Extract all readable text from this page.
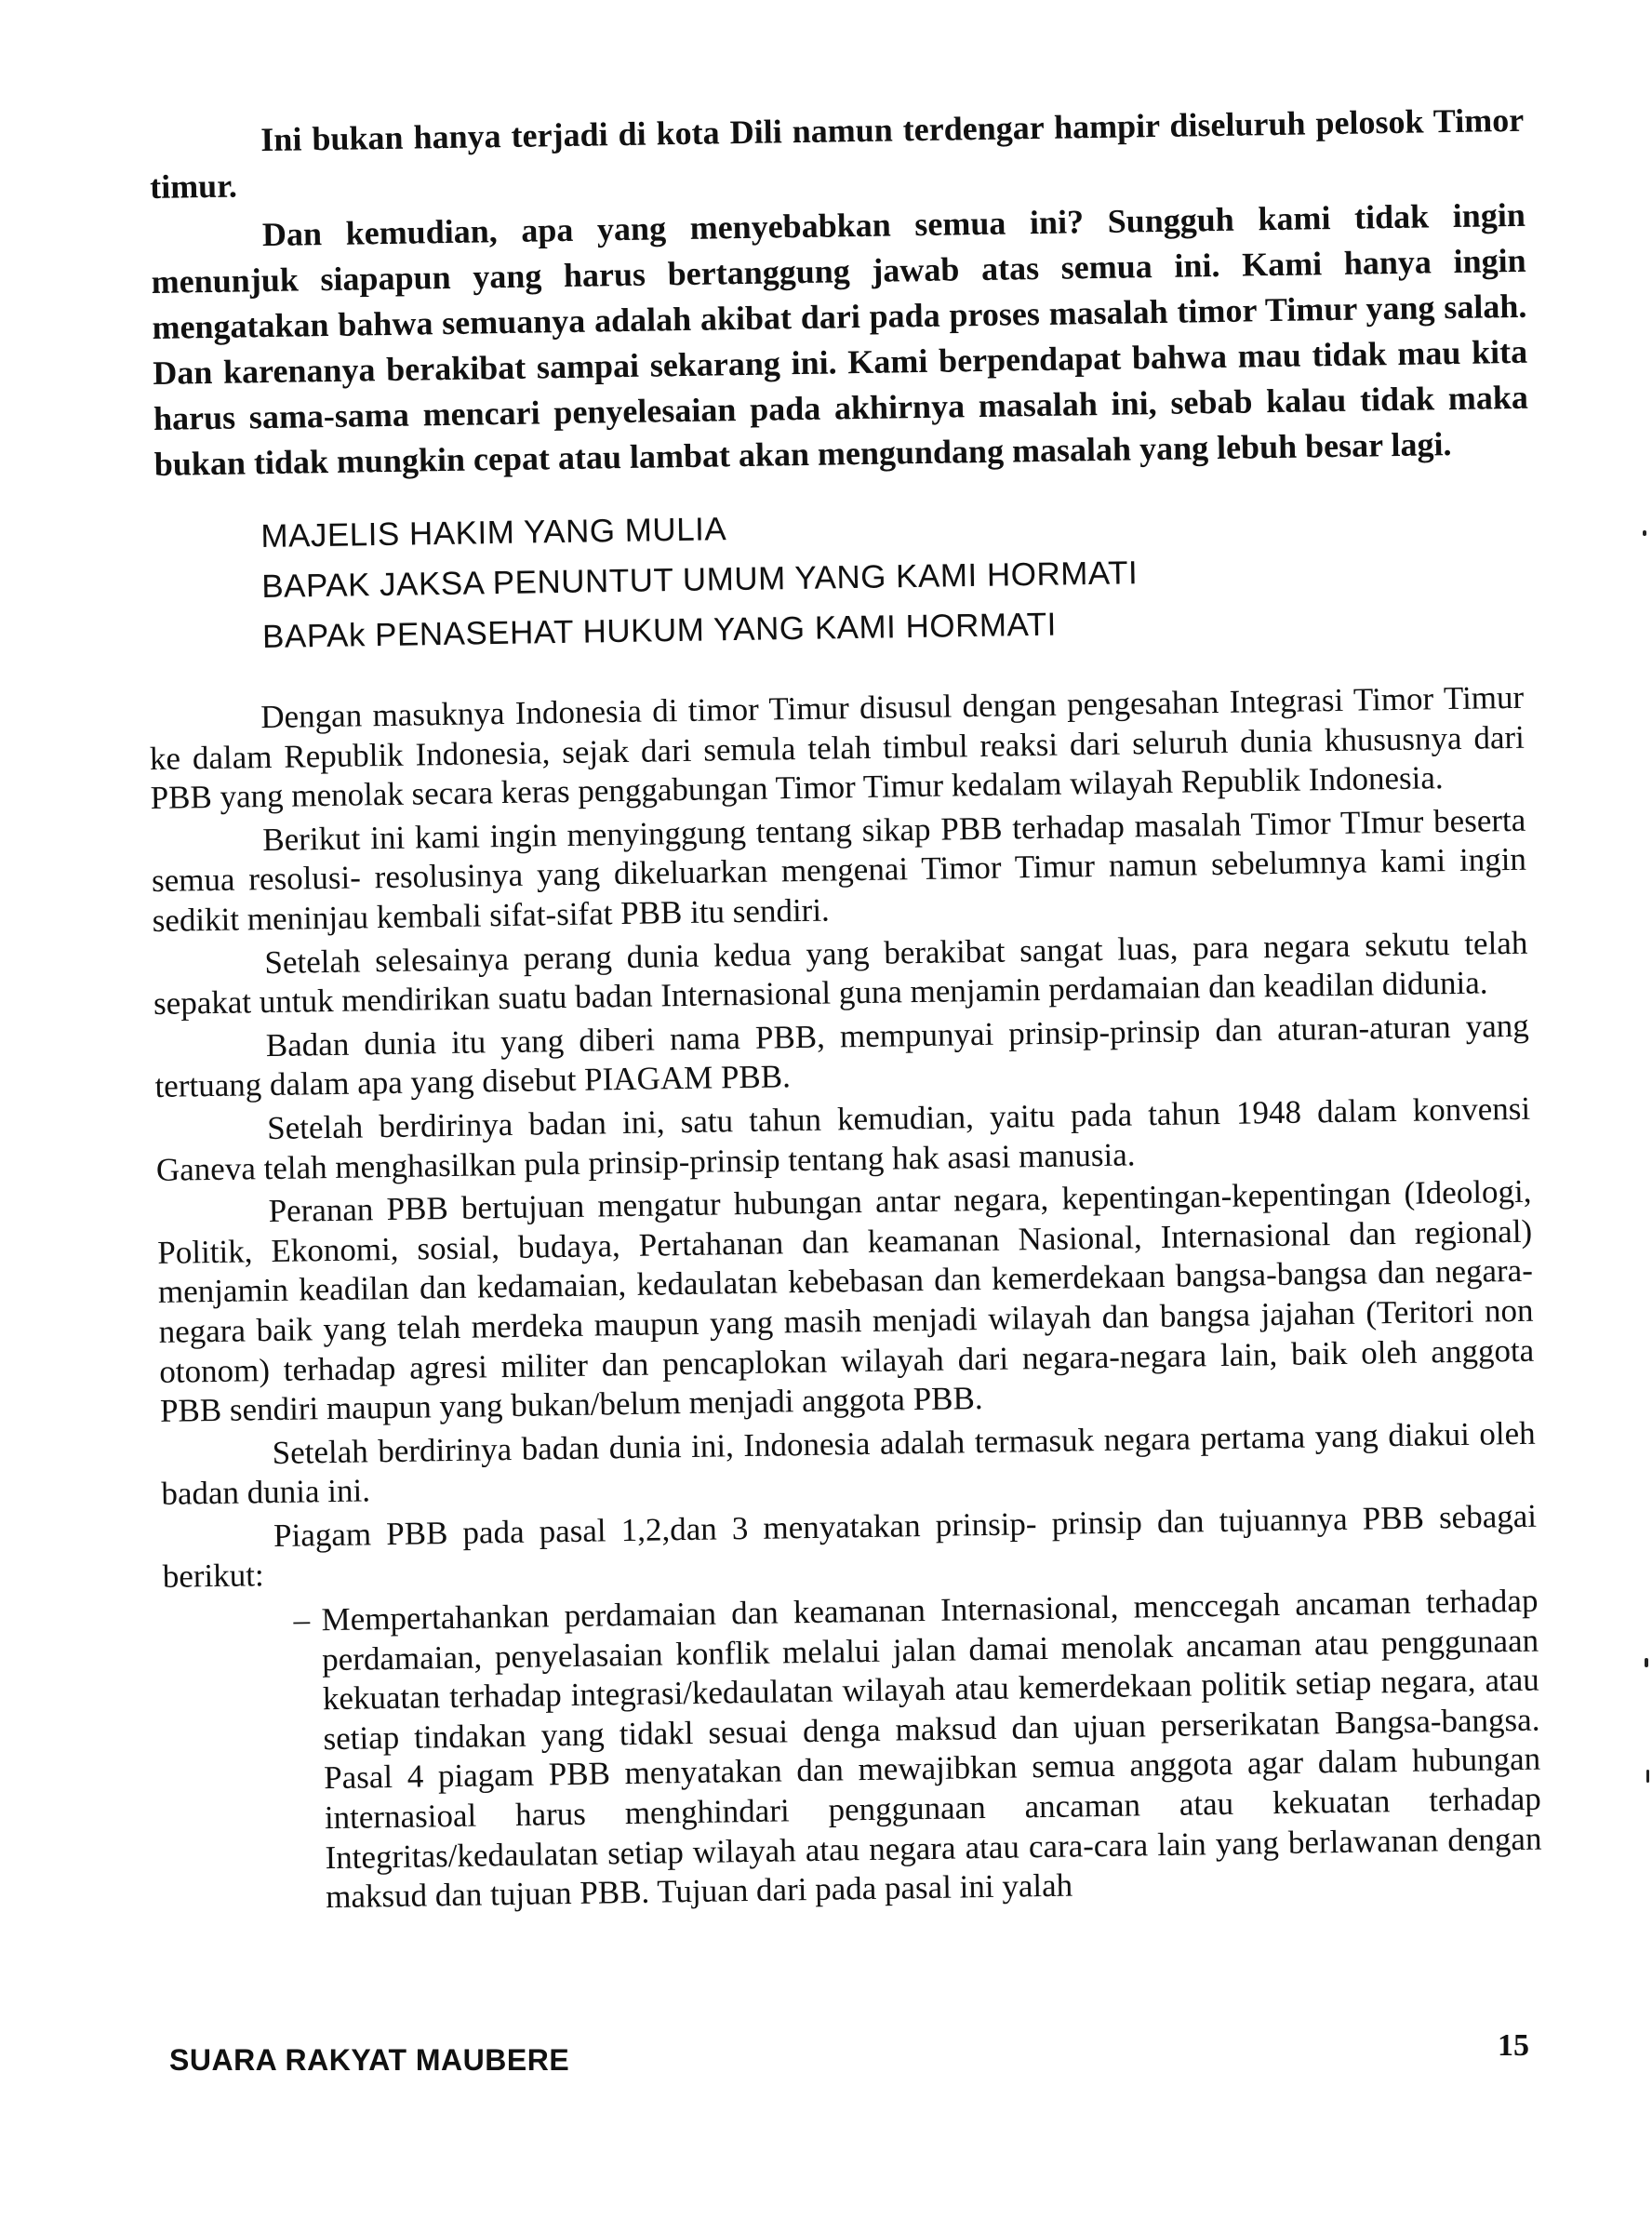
Ini bukan hanya terjadi di kota Dili namun terdengar hampir diseluruh pelosok Timor timur.

Dan kemudian, apa yang menyebabkan semua ini? Sungguh kami tidak ingin menunjuk siapapun yang harus bertanggung jawab atas semua ini. Kami hanya ingin mengatakan bahwa semuanya adalah akibat dari pada proses masalah timor Timur yang salah. Dan karenanya berakibat sampai sekarang ini. Kami berpendapat bahwa mau tidak mau kita harus sama-sama mencari penyelesaian pada akhirnya masalah ini, sebab kalau tidak maka bukan tidak mungkin cepat atau lambat akan mengundang masalah yang lebuh besar lagi.

MAJELIS HAKIM YANG MULIA
BAPAK JAKSA PENUNTUT UMUM YANG KAMI HORMATI
BAPAk PENASEHAT HUKUM YANG KAMI HORMATI

Dengan masuknya Indonesia di timor Timur disusul dengan pengesahan Integrasi Timor Timur ke dalam Republik Indonesia, sejak dari semula telah timbul reaksi dari seluruh dunia khususnya dari PBB yang menolak secara keras penggabungan Timor Timur kedalam wilayah Republik Indonesia.

Berikut ini kami ingin menyinggung tentang sikap PBB terhadap masalah Timor TImur beserta semua resolusi- resolusinya yang dikeluarkan mengenai Timor Timur namun sebelumnya kami ingin sedikit meninjau kembali sifat-sifat PBB itu sendiri.

Setelah selesainya perang dunia kedua yang berakibat sangat luas, para negara sekutu telah sepakat untuk mendirikan suatu badan Internasional guna menjamin perdamaian dan keadilan didunia.

Badan dunia itu yang diberi nama PBB, mempunyai prinsip-prinsip dan aturan-aturan yang tertuang dalam apa yang disebut PIAGAM PBB.

Setelah berdirinya badan ini, satu tahun kemudian, yaitu pada tahun 1948 dalam konvensi Ganeva telah menghasilkan pula prinsip-prinsip tentang hak asasi manusia.

Peranan PBB bertujuan mengatur hubungan antar negara, kepentingan-kepentingan (Ideologi, Politik, Ekonomi, sosial, budaya, Pertahanan dan keamanan Nasional, Internasional dan regional) menjamin keadilan dan kedamaian, kedaulatan kebebasan dan kemerdekaan bangsa-bangsa dan negara-negara baik yang telah merdeka maupun yang masih menjadi wilayah dan bangsa jajahan (Teritori non otonom) terhadap agresi militer dan pencaplokan wilayah dari negara-negara lain, baik oleh anggota PBB sendiri maupun yang bukan/belum menjadi anggota PBB.

Setelah berdirinya badan dunia ini, Indonesia adalah termasuk negara pertama yang diakui oleh badan dunia ini.

Piagam PBB pada pasal 1,2,dan 3 menyatakan prinsip- prinsip dan tujuannya PBB sebagai berikut:

– Mempertahankan perdamaian dan keamanan Internasional, menccegah ancaman terhadap perdamaian, penyelasaian konflik melalui jalan damai menolak ancaman atau penggunaan kekuatan terhadap integrasi/kedaulatan wilayah atau kemerdekaan politik setiap negara, atau setiap tindakan yang tidakl sesuai denga maksud dan ujuan perserikatan Bangsa-bangsa. Pasal 4 piagam PBB menyatakan dan mewajibkan semua anggota agar dalam hubungan internasioal harus menghindari penggunaan ancaman atau kekuatan terhadap Integritas/kedaulatan setiap wilayah atau negara atau cara-cara lain yang berlawanan dengan maksud dan tujuan PBB. Tujuan dari pada pasal ini yalah
SUARA RAKYAT MAUBERE	15
